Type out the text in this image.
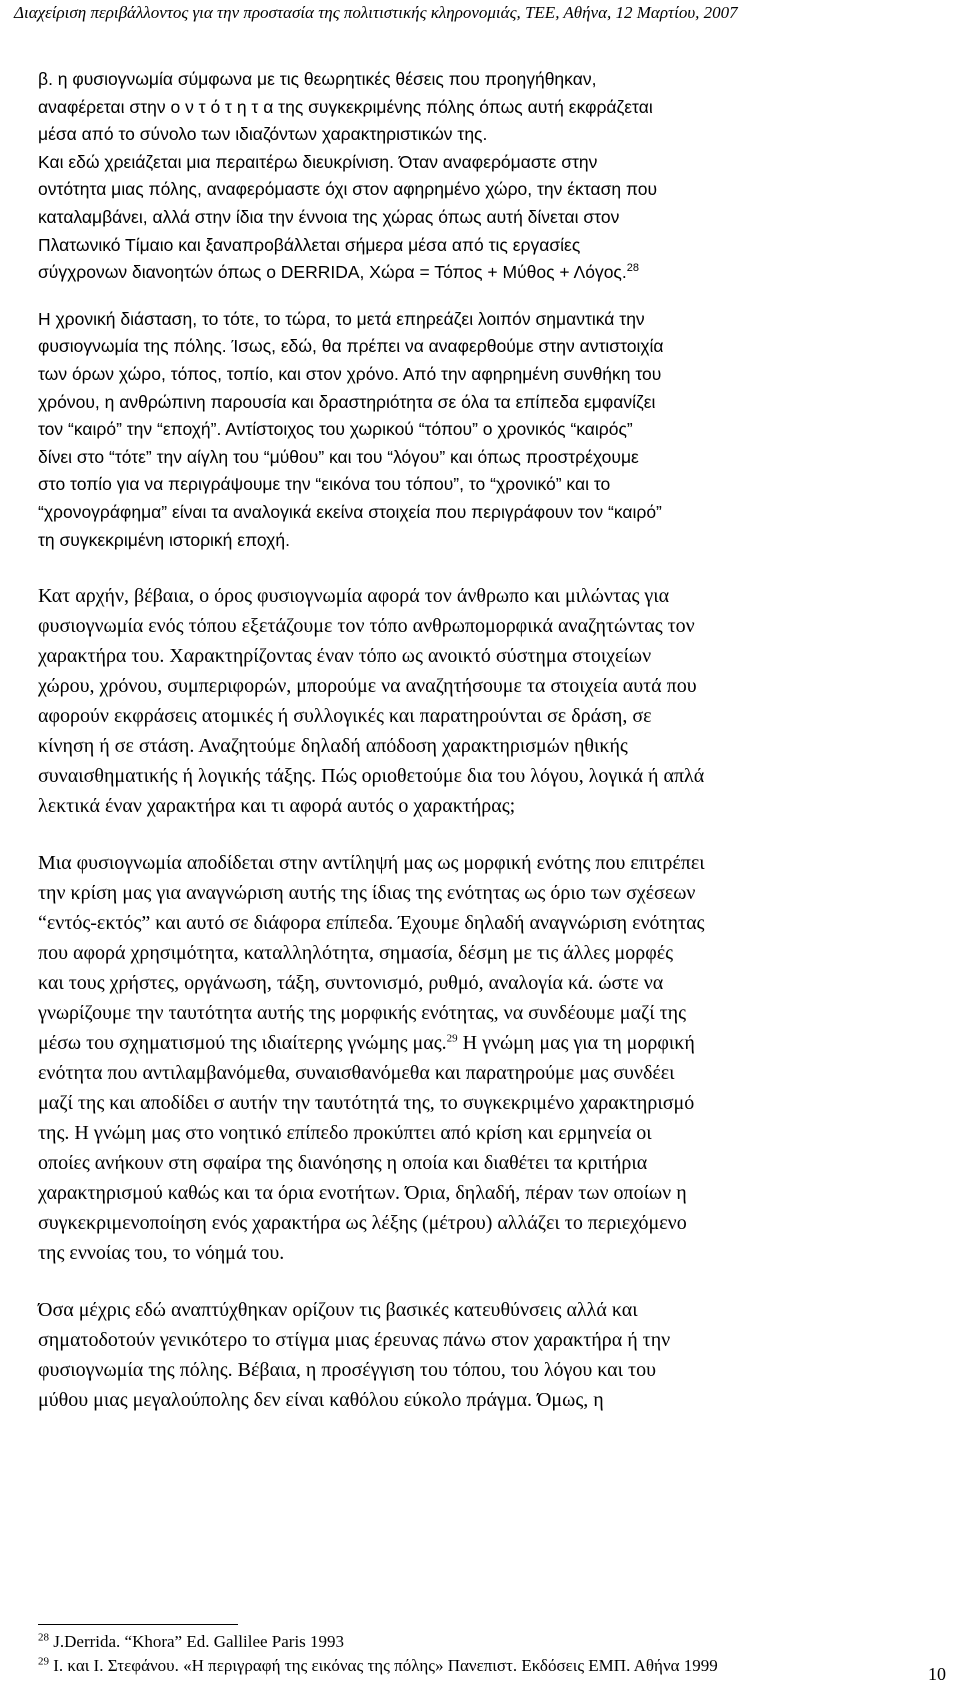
Διαχείριση περιβάλλοντος για την προστασία της πολιτιστικής κληρονομιάς, ΤΕΕ, Αθήνα, 12 Μαρτίου, 2007

β. η φυσιογνωμία σύμφωνα με τις θεωρητικές θέσεις που προηγήθηκαν,
αναφέρεται στην ο ν τ ό τ η τ α της συγκεκριμένης πόλης όπως αυτή εκφράζεται
μέσα από το σύνολο των ιδιαζόντων χαρακτηριστικών της.
Και εδώ χρειάζεται μια περαιτέρω διευκρίνιση. Όταν αναφερόμαστε στην
οντότητα μιας πόλης, αναφερόμαστε όχι στον αφηρημένο χώρο, την έκταση που
καταλαμβάνει, αλλά στην ίδια την έννοια της χώρας όπως αυτή δίνεται στον
Πλατωνικό Τίμαιο και ξαναπροβάλλεται σήμερα μέσα από τις εργασίες
σύγχρονων διανοητών όπως ο DERRIDA, Χώρα = Τόπος + Μύθος + Λόγος.$^{28}$

Η χρονική διάσταση, το τότε, το τώρα, το μετά επηρεάζει λοιπόν σημαντικά την
φυσιογνωμία της πόλης. Ίσως, εδώ, θα πρέπει να αναφερθούμε στην αντιστοιχία
των όρων χώρο, τόπος, τοπίο, και στον χρόνο. Από την αφηρημένη συνθήκη του
χρόνου, η ανθρώπινη παρουσία και δραστηριότητα σε όλα τα επίπεδα εμφανίζει
τον “καιρό” την “εποχή”. Αντίστοιχος του χωρικού “τόπου” ο χρονικός “καιρός”
δίνει στο “τότε” την αίγλη του “μύθου” και του “λόγου” και όπως προστρέχουμε
στο τοπίο για να περιγράψουμε την “εικόνα του τόπου”, το “χρονικό” και το
“χρονογράφημα” είναι τα αναλογικά εκείνα στοιχεία που περιγράφουν τον “καιρό”
τη συγκεκριμένη ιστορική εποχή.

Κατ αρχήν, βέβαια, ο όρος φυσιογνωμία αφορά τον άνθρωπο και μιλώντας για
φυσιογνωμία ενός τόπου εξετάζουμε τον τόπο ανθρωπομορφικά αναζητώντας τον
χαρακτήρα του. Χαρακτηρίζοντας έναν τόπο ως ανοικτό σύστημα στοιχείων
χώρου, χρόνου, συμπεριφορών, μπορούμε να αναζητήσουμε τα στοιχεία αυτά που
αφορούν εκφράσεις ατομικές ή συλλογικές και παρατηρούνται σε δράση, σε
κίνηση ή σε στάση. Αναζητούμε δηλαδή απόδοση χαρακτηρισμών ηθικής
συναισθηματικής ή λογικής τάξης. Πώς οριοθετούμε δια του λόγου, λογικά ή απλά
λεκτικά έναν χαρακτήρα και τι αφορά αυτός ο χαρακτήρας;

Μια φυσιογνωμία αποδίδεται στην αντίληψή μας ως μορφική ενότης που επιτρέπει
την κρίση μας για αναγνώριση αυτής της ίδιας της ενότητας ως όριο των σχέσεων
“εντός-εκτός” και αυτό σε διάφορα επίπεδα. Έχουμε δηλαδή αναγνώριση ενότητας
που αφορά χρησιμότητα, καταλληλότητα, σημασία, δέσμη με τις άλλες μορφές
και τους χρήστες, οργάνωση, τάξη, συντονισμό, ρυθμό, αναλογία κά. ώστε να
γνωρίζουμε την ταυτότητα αυτής της μορφικής ενότητας, να συνδέουμε μαζί της
μέσω του σχηματισμού της ιδιαίτερης γνώμης μας.$^{29}$ Η γνώμη μας για τη μορφική
ενότητα που αντιλαμβανόμεθα, συναισθανόμεθα και παρατηρούμε μας συνδέει
μαζί της και αποδίδει σ αυτήν την ταυτότητά της, το συγκεκριμένο χαρακτηρισμό
της. Η γνώμη μας στο νοητικό επίπεδο προκύπτει από κρίση και ερμηνεία οι
οποίες ανήκουν στη σφαίρα της διανόησης η οποία και διαθέτει τα κριτήρια
χαρακτηρισμού καθώς και τα όρια ενοτήτων. Όρια, δηλαδή, πέραν των οποίων η
συγκεκριμενοποίηση ενός χαρακτήρα ως λέξης (μέτρου) αλλάζει το περιεχόμενο
της εννοίας του, το νόημά του.

Όσα μέχρις εδώ αναπτύχθηκαν ορίζουν τις βασικές κατευθύνσεις αλλά και
σηματοδοτούν γενικότερο το στίγμα μιας έρευνας πάνω στον χαρακτήρα ή την
φυσιογνωμία της πόλης. Βέβαια, η προσέγγιση του τόπου, του λόγου και του
μύθου μιας μεγαλούπολης δεν είναι καθόλου εύκολο πράγμα. Όμως, η

$^{28}$ J.Derrida. “Khora” Ed. Gallilee Paris 1993
$^{29}$ Ι. και Ι. Στεφάνου. «Η περιγραφή της εικόνας της πόλης» Πανεπιστ. Εκδόσεις ΕΜΠ. Αθήνα 1999	10
